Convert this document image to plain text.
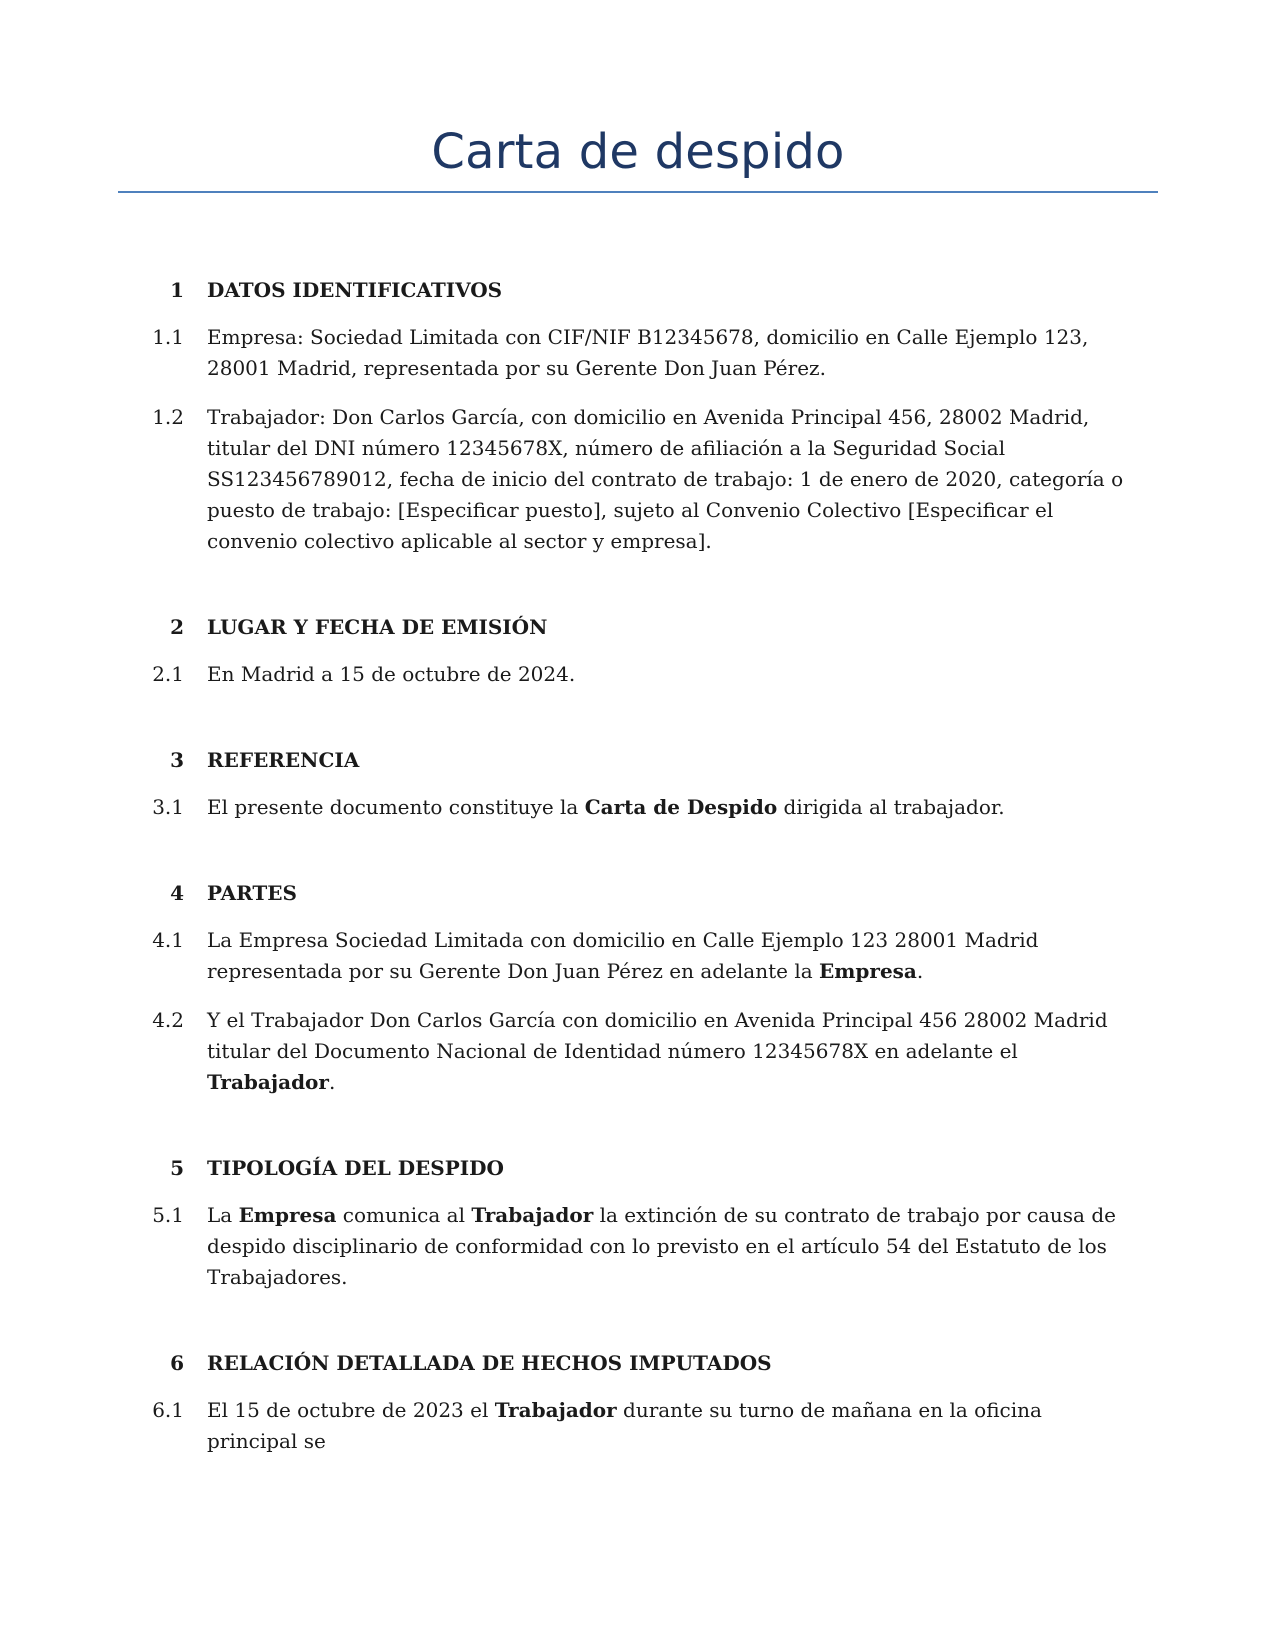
Carta de despido
1 DATOS IDENTIFICATIVOS
1.1 Empresa: Sociedad Limitada con CIF/NIF B12345678, domicilio en Calle Ejemplo 123, 28001 Madrid, representada por su Gerente Don Juan Pérez.
1.2 Trabajador: Don Carlos García, con domicilio en Avenida Principal 456, 28002 Madrid, titular del DNI número 12345678X, número de afiliación a la Seguridad Social SS123456789012, fecha de inicio del contrato de trabajo: 1 de enero de 2020, categoría o puesto de trabajo: [Especificar puesto], sujeto al Convenio Colectivo [Especificar el convenio colectivo aplicable al sector y empresa].
2 LUGAR Y FECHA DE EMISIÓN
2.1 En Madrid a 15 de octubre de 2024.
3 REFERENCIA
3.1 El presente documento constituye la Carta de Despido dirigida al trabajador.
4 PARTES
4.1 La Empresa Sociedad Limitada con domicilio en Calle Ejemplo 123 28001 Madrid representada por su Gerente Don Juan Pérez en adelante la Empresa.
4.2 Y el Trabajador Don Carlos García con domicilio en Avenida Principal 456 28002 Madrid titular del Documento Nacional de Identidad número 12345678X en adelante el Trabajador.
5 TIPOLOGÍA DEL DESPIDO
5.1 La Empresa comunica al Trabajador la extinción de su contrato de trabajo por causa de despido disciplinario de conformidad con lo previsto en el artículo 54 del Estatuto de los Trabajadores.
6 RELACIÓN DETALLADA DE HECHOS IMPUTADOS
6.1 El 15 de octubre de 2023 el Trabajador durante su turno de mañana en la oficina principal se
